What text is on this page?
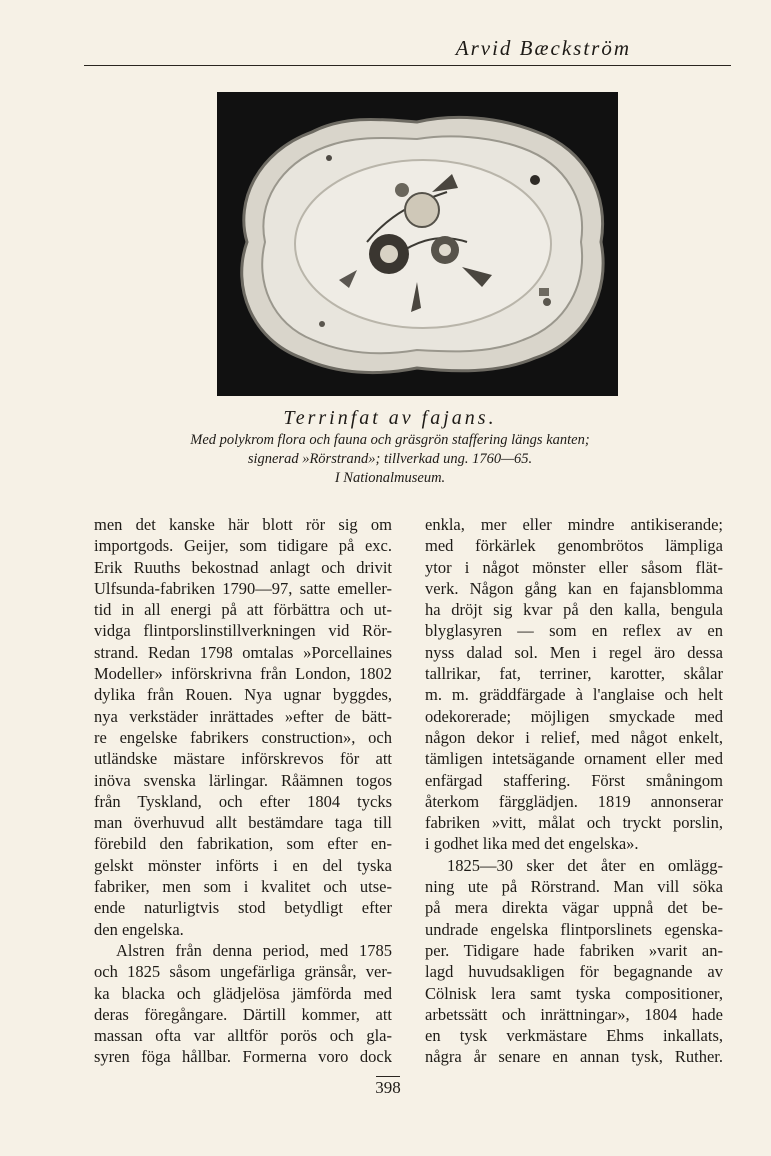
Arvid Bæckström
Terrinfat av fajans.
Med polykrom flora och fauna och gräsgrön staffering längs kanten;
signerad »Rörstrand»; tillverkad ung. 1760—65.
I Nationalmuseum.
men det kanske här blott rör sig om
importgods. Geijer, som tidigare på exc.
Erik Ruuths bekostnad anlagt och drivit
Ulfsunda-fabriken 1790—97, satte emeller-
tid in all energi på att förbättra och ut-
vidga flintporslinstillverkningen vid Rör-
strand. Redan 1798 omtalas »Porcellaines
Modeller» införskrivna från London, 1802
dylika från Rouen. Nya ugnar byggdes,
nya verkstäder inrättades »efter de bätt-
re engelske fabrikers construction», och
utländske mästare införskrevos för att
inöva svenska lärlingar. Råämnen togos
från Tyskland, och efter 1804 tycks
man överhuvud allt bestämdare taga till
förebild den fabrikation, som efter en-
gelskt mönster införts i en del tyska
fabriker, men som i kvalitet och utse-
ende naturligtvis stod betydligt efter
den engelska.
Alstren från denna period, med 1785
och 1825 såsom ungefärliga gränsår, ver-
ka blacka och glädjelösa jämförda med
deras föregångare. Därtill kommer, att
massan ofta var alltför porös och gla-
syren föga hållbar. Formerna voro dock
enkla, mer eller mindre antikiserande;
med förkärlek genombrötos lämpliga
ytor i något mönster eller såsom flät-
verk. Någon gång kan en fajansblomma
ha dröjt sig kvar på den kalla, bengula
blyglasyren — som en reflex av en
nyss dalad sol. Men i regel äro dessa
tallrikar, fat, terriner, karotter, skålar
m. m. gräddfärgade à l'anglaise och helt
odekorerade; möjligen smyckade med
någon dekor i relief, med något enkelt,
tämligen intetsägande ornament eller med
enfärgad staffering. Först småningom
återkom färgglädjen. 1819 annonserar
fabriken »vitt, målat och tryckt porslin,
i godhet lika med det engelska».
1825—30 sker det åter en omlägg-
ning ute på Rörstrand. Man vill söka
på mera direkta vägar uppnå det be-
undrade engelska flintporslinets egenska-
per. Tidigare hade fabriken »varit an-
lagd huvudsakligen för begagnande av
Cölnisk lera samt tyska compositioner,
arbetssätt och inrättningar», 1804 hade
en tysk verkmästare Ehms inkallats,
några år senare en annan tysk, Ruther.
398
